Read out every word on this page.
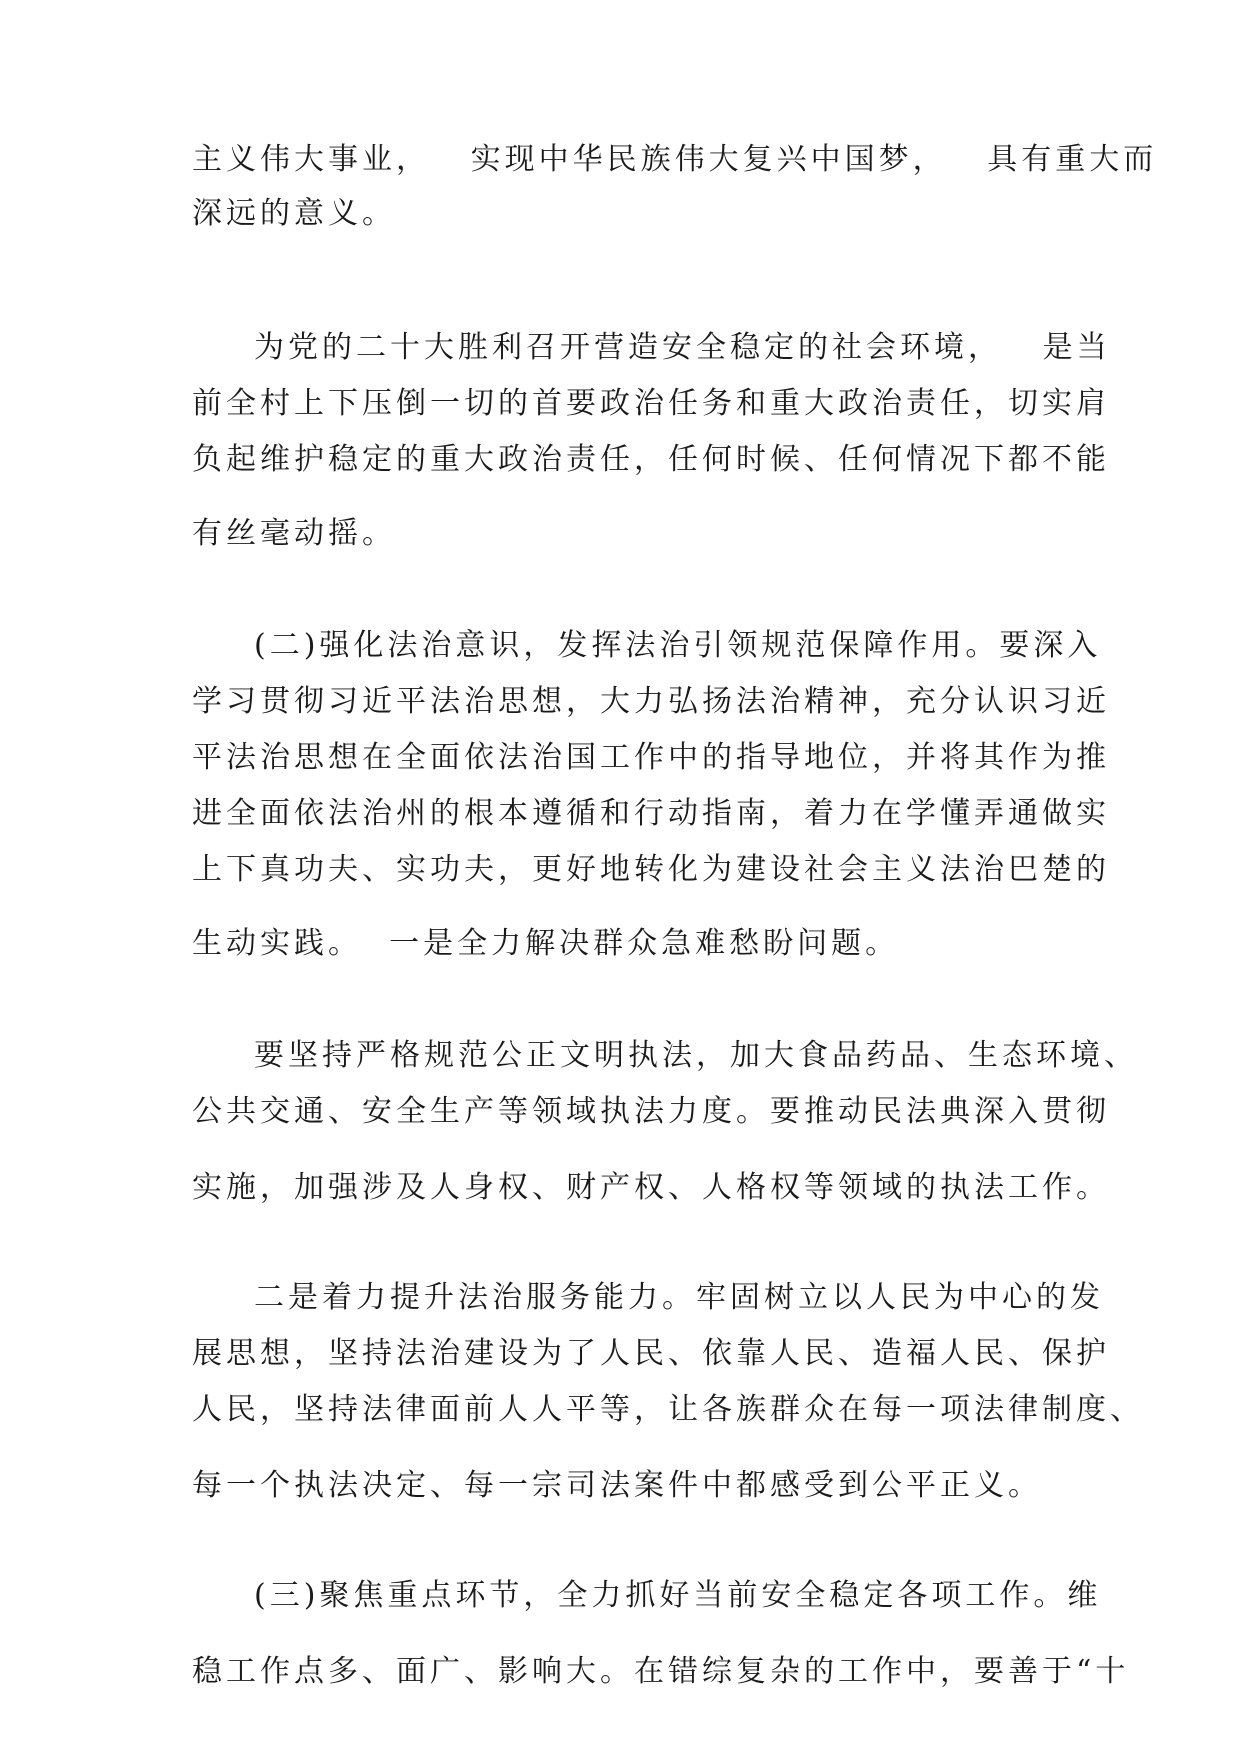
主义伟大事业，   实现中华民族伟大复兴中国梦，   具有重大而
深远的意义。
为党的二十大胜利召开营造安全稳定的社会环境，   是当
前全村上下压倒一切的首要政治任务和重大政治责任，切实肩
负起维护稳定的重大政治责任，任何时候、任何情况下都不能
有丝毫动摇。
(二)强化法治意识，发挥法治引领规范保障作用。要深入
学习贯彻习近平法治思想，大力弘扬法治精神，充分认识习近
平法治思想在全面依法治国工作中的指导地位，并将其作为推
进全面依法治州的根本遵循和行动指南，着力在学懂弄通做实
上下真功夫、实功夫，更好地转化为建设社会主义法治巴楚的
生动实践。  一是全力解决群众急难愁盼问题。
要坚持严格规范公正文明执法，加大食品药品、生态环境、
公共交通、安全生产等领域执法力度。要推动民法典深入贯彻
实施，加强涉及人身权、财产权、人格权等领域的执法工作。
二是着力提升法治服务能力。牢固树立以人民为中心的发
展思想，坚持法治建设为了人民、依靠人民、造福人民、保护
人民，坚持法律面前人人平等，让各族群众在每一项法律制度、
每一个执法决定、每一宗司法案件中都感受到公平正义。
(三)聚焦重点环节，全力抓好当前安全稳定各项工作。维
稳工作点多、面广、影响大。在错综复杂的工作中，要善于“十
